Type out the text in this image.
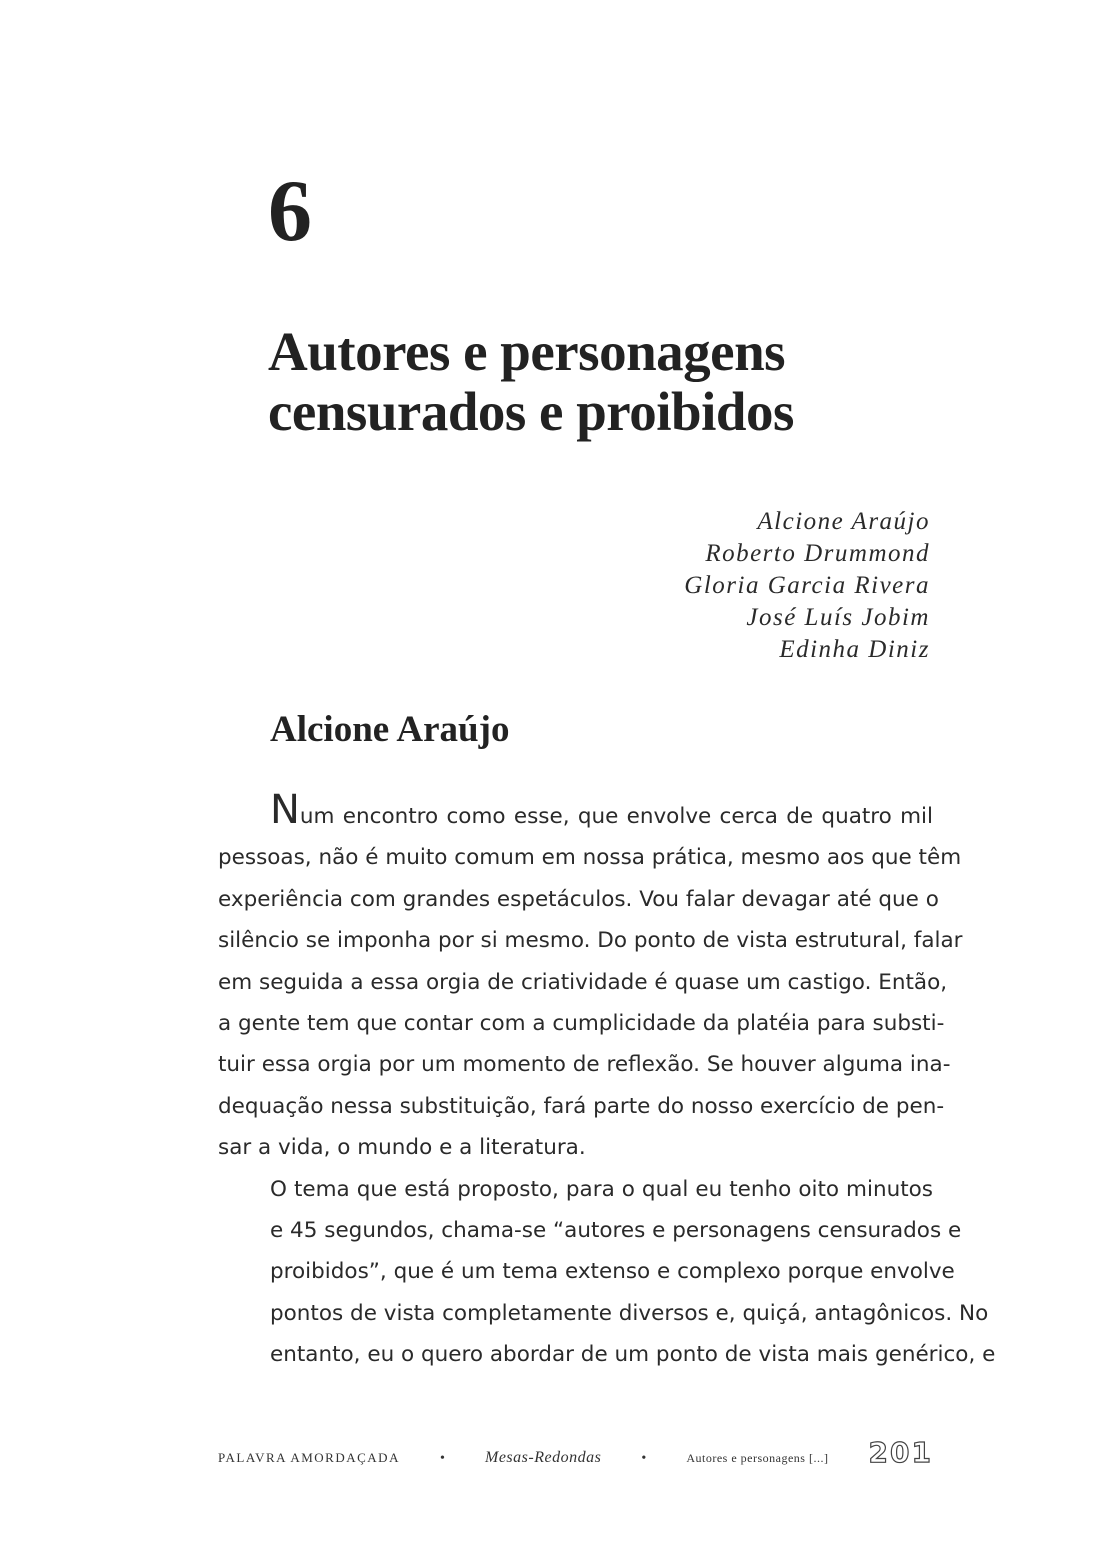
6
Autores e personagens
censurados e proibidos
Alcione Araújo
Roberto Drummond
Gloria Garcia Rivera
José Luís Jobim
Edinha Diniz
Alcione Araújo

Num encontro como esse, que envolve cerca de quatro mil
pessoas, não é muito comum em nossa prática, mesmo aos que têm
experiência com grandes espetáculos. Vou falar devagar até que o
silêncio se imponha por si mesmo. Do ponto de vista estrutural, falar
em seguida a essa orgia de criatividade é quase um castigo. Então,
a gente tem que contar com a cumplicidade da platéia para substi-
tuir essa orgia por um momento de reflexão. Se houver alguma ina-
dequação nessa substituição, fará parte do nosso exercício de pen-
sar a vida, o mundo e a literatura.

O tema que está proposto, para o qual eu tenho oito minutos
e 45 segundos, chama-se “autores e personagens censurados e
proibidos”, que é um tema extenso e complexo porque envolve
pontos de vista completamente diversos e, quiçá, antagônicos. No
entanto, eu o quero abordar de um ponto de vista mais genérico, e

PALAVRA AMORDAÇADA	•	Mesas-Redondas	•	Autores e personagens [...] 201
